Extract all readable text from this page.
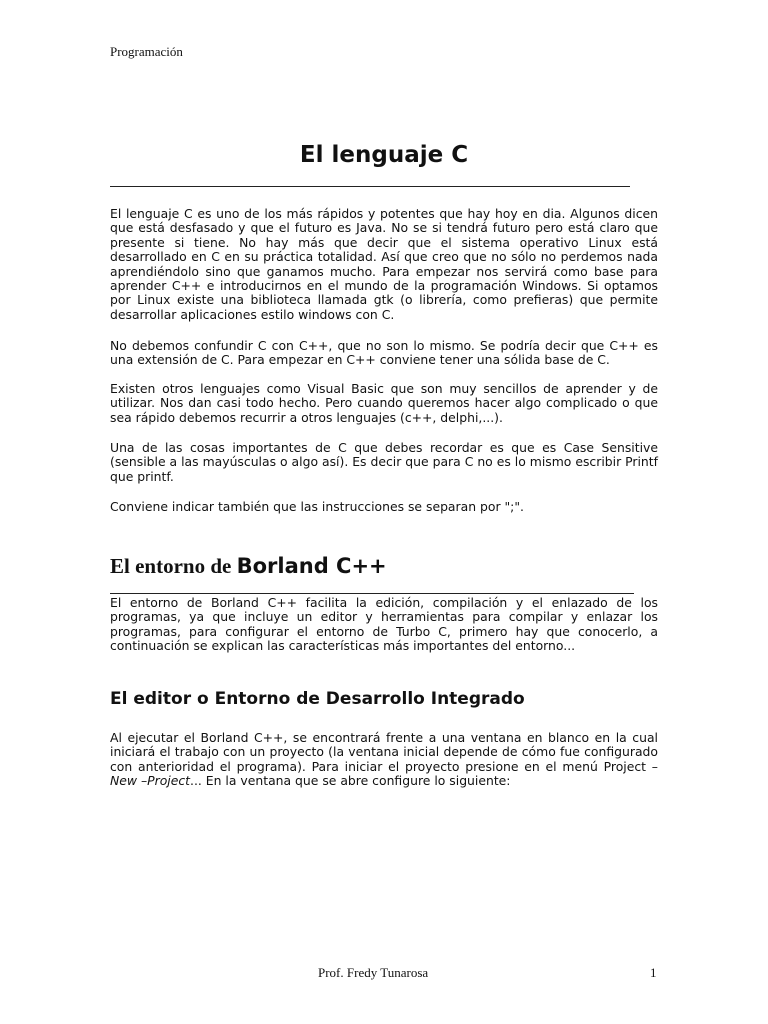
Programación
El lenguaje C

El lenguaje C es uno de los más rápidos y potentes que hay hoy en dia. Algunos dicen que está desfasado y que el futuro es Java. No se si tendrá futuro pero está claro que presente si tiene. No hay más que decir que el sistema operativo Linux está desarrollado en C en su práctica totalidad. Así que creo que no sólo no perdemos nada aprendiéndolo sino que ganamos mucho. Para empezar nos servirá como base para aprender C++ e introducirnos en el mundo de la programación Windows. Si optamos por Linux existe una biblioteca llamada gtk (o librería, como prefieras) que permite desarrollar aplicaciones estilo windows con C.

No debemos confundir C con C++, que no son lo mismo. Se podría decir que C++ es una extensión de C. Para empezar en C++ conviene tener una sólida base de C.

Existen otros lenguajes como Visual Basic que son muy sencillos de aprender y de utilizar. Nos dan casi todo hecho. Pero cuando queremos hacer algo complicado o que sea rápido debemos recurrir a otros lenguajes (c++, delphi,...).

Una de las cosas importantes de C que debes recordar es que es Case Sensitive (sensible a las mayúsculas o algo así). Es decir que para C no es lo mismo escribir Printf que printf.

Conviene indicar también que las instrucciones se separan por ";".

El entorno de Borland C++

El entorno de Borland C++ facilita la edición, compilación y el enlazado de los programas, ya que incluye un editor y herramientas para compilar y enlazar los programas, para configurar el entorno de Turbo C, primero hay que conocerlo, a continuación se explican las características más importantes del entorno...

El editor o Entorno de Desarrollo Integrado

Al ejecutar el Borland C++, se encontrará frente a una ventana en blanco en la cual iniciará el trabajo con un proyecto (la ventana inicial depende de cómo fue configurado con anterioridad el programa). Para iniciar el proyecto presione en el menú Project – New –Project... En la ventana que se abre configure lo siguiente:

Prof. Fredy Tunarosa	1
